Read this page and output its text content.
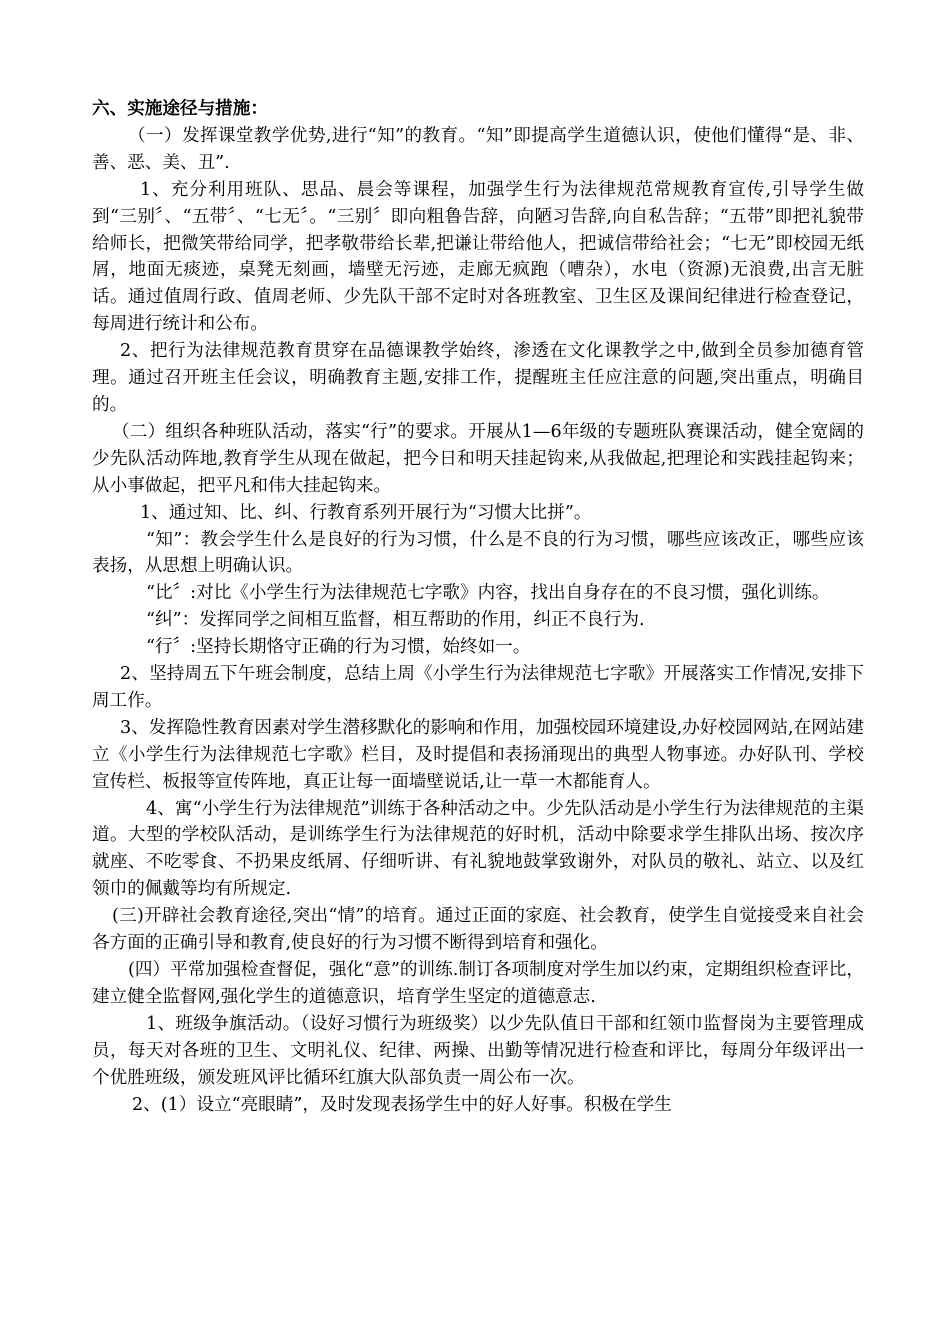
六、实施途径与措施：

（一）发挥课堂教学优势,进行“知”的教育。“知”即提高学生道德认识，使他们懂得“是、非、善、恶、美、丑”.

1、充分利用班队、思品、晨会等课程，加强学生行为法律规范常规教育宣传,引导学生做到“三别〞、“五带〞、“七无〞。“三别〞即向粗鲁告辞，向陋习告辞,向自私告辞；“五带”即把礼貌带给师长，把微笑带给同学，把孝敬带给长辈,把谦让带给他人，把诚信带给社会；“七无”即校园无纸屑，地面无痰迹，桌凳无刻画，墙壁无污迹，走廊无疯跑（嘈杂），水电（资源)无浪费,出言无脏话。通过值周行政、值周老师、少先队干部不定时对各班教室、卫生区及课间纪律进行检查登记，每周进行统计和公布。

2、把行为法律规范教育贯穿在品德课教学始终，渗透在文化课教学之中,做到全员参加德育管理。通过召开班主任会议，明确教育主题,安排工作，提醒班主任应注意的问题,突出重点，明确目的。

（二）组织各种班队活动，落实“行”的要求。开展从1—6年级的专题班队赛课活动，健全宽阔的少先队活动阵地,教育学生从现在做起，把今日和明天挂起钩来,从我做起,把理论和实践挂起钩来；从小事做起，把平凡和伟大挂起钩来。

1、通过知、比、纠、行教育系列开展行为“习惯大比拼”。

“知”：教会学生什么是良好的行为习惯，什么是不良的行为习惯，哪些应该改正，哪些应该表扬，从思想上明确认识。

“比〞:对比《小学生行为法律规范七字歌》内容，找出自身存在的不良习惯，强化训练。

“纠”：发挥同学之间相互监督，相互帮助的作用，纠正不良行为.

“行〞:坚持长期恪守正确的行为习惯，始终如一。

2、坚持周五下午班会制度，总结上周《小学生行为法律规范七字歌》开展落实工作情况,安排下周工作。

3、发挥隐性教育因素对学生潜移默化的影响和作用，加强校园环境建设,办好校园网站,在网站建立《小学生行为法律规范七字歌》栏目，及时提倡和表扬涌现出的典型人物事迹。办好队刊、学校宣传栏、板报等宣传阵地，真正让每一面墙壁说话,让一草一木都能育人。

4、寓“小学生行为法律规范”训练于各种活动之中。少先队活动是小学生行为法律规范的主渠道。大型的学校队活动，是训练学生行为法律规范的好时机，活动中除要求学生排队出场、按次序就座、不吃零食、不扔果皮纸屑、仔细听讲、有礼貌地鼓掌致谢外，对队员的敬礼、站立、以及红领巾的佩戴等均有所规定.

(三)开辟社会教育途径,突出“情”的培育。通过正面的家庭、社会教育，使学生自觉接受来自社会各方面的正确引导和教育,使良好的行为习惯不断得到培育和强化。

(四）平常加强检查督促，强化“意”的训练.制订各项制度对学生加以约束，定期组织检查评比，建立健全监督网,强化学生的道德意识，培育学生坚定的道德意志.

1、班级争旗活动。（设好习惯行为班级奖）以少先队值日干部和红领巾监督岗为主要管理成员，每天对各班的卫生、文明礼仪、纪律、两操、出勤等情况进行检查和评比，每周分年级评出一个优胜班级，颁发班风评比循环红旗大队部负责一周公布一次。

2、(1）设立“亮眼睛”，及时发现表扬学生中的好人好事。积极在学生
